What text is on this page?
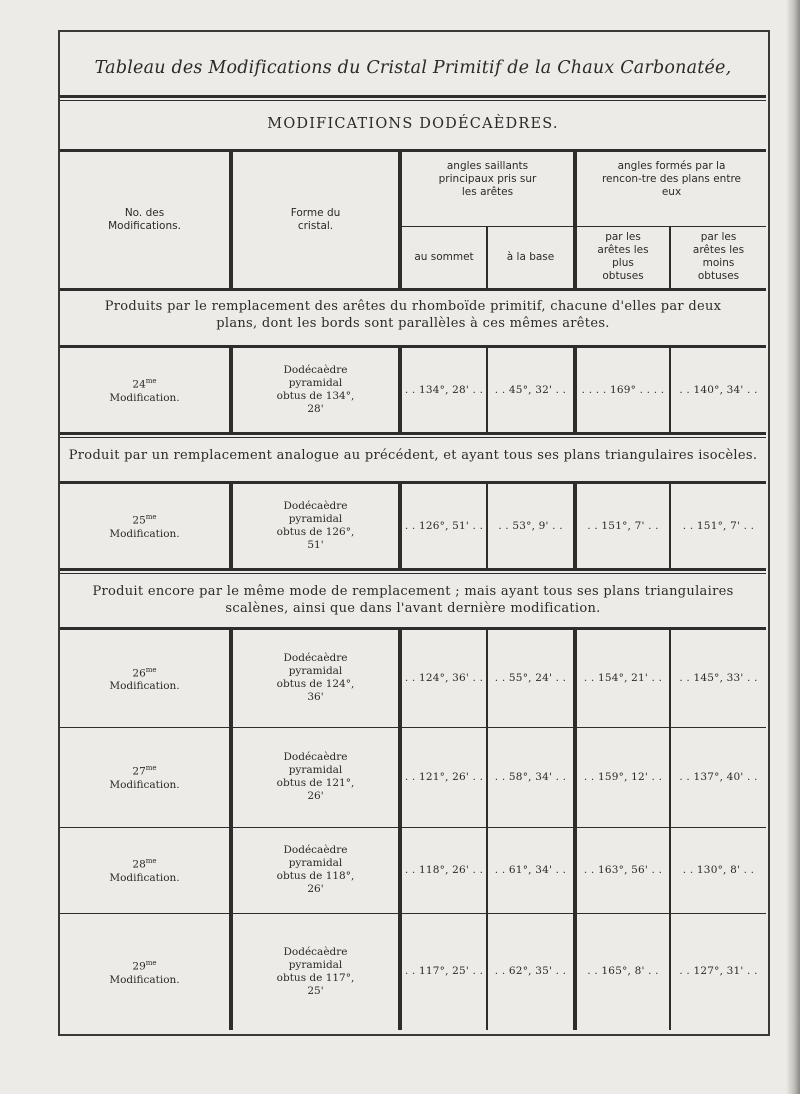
Tableau des Modifications du Cristal Primitif de la Chaux Carbonatée,
MODIFICATIONS DODÉCAÈDRES.
No. des Modifications.	Forme du cristal.	angles saillants principaux pris sur les arêtes		angles formés par la rencon-tre des plans entre eux	
		au sommet	à la base	par les arêtes les plus obtuses	par les arêtes les moins obtuses
Produits par le remplacement des arêtes du rhomboïde primitif, chacune d'elles par deux plans, dont les bords sont parallèles à ces mêmes arêtes.
$24^{me}$
Modification.	Dodécaèdre pyramidal obtus de 134°, 28'	. . 134°, 28' . .	. . 45°, 32' . .	. . . . 169° . . . .	. . 140°, 34' . .
Produit par un remplacement analogue au précédent, et ayant tous ses plans triangulaires isocèles.
$25^{me}$
Modification.	Dodécaèdre pyramidal obtus de 126°, 51'	. . 126°, 51' . .	. . 53°, 9' . .	. . 151°, 7' . .	. . 151°, 7' . .
Produit encore par le même mode de remplacement ; mais ayant tous ses plans triangulaires scalènes, ainsi que dans l'avant dernière modification.
$26^{me}$
Modification.	Dodécaèdre pyramidal obtus de 124°, 36'	. . 124°, 36' . .	. . 55°, 24' . .	. . 154°, 21' . .	. . 145°, 33' . .
$27^{me}$
Modification.	Dodécaèdre pyramidal obtus de 121°, 26'	. . 121°, 26' . .	. . 58°, 34' . .	. . 159°, 12' . .	. . 137°, 40' . .
$28^{me}$
Modification.	Dodécaèdre pyramidal obtus de 118°, 26'	. . 118°, 26' . .	. . 61°, 34' . .	. . 163°, 56' . .	. . 130°, 8' . .
$29^{me}$
Modification.	Dodécaèdre pyramidal obtus de 117°, 25'	. . 117°, 25' . .	. . 62°, 35' . .	. . 165°, 8' . .	. . 127°, 31' . .
